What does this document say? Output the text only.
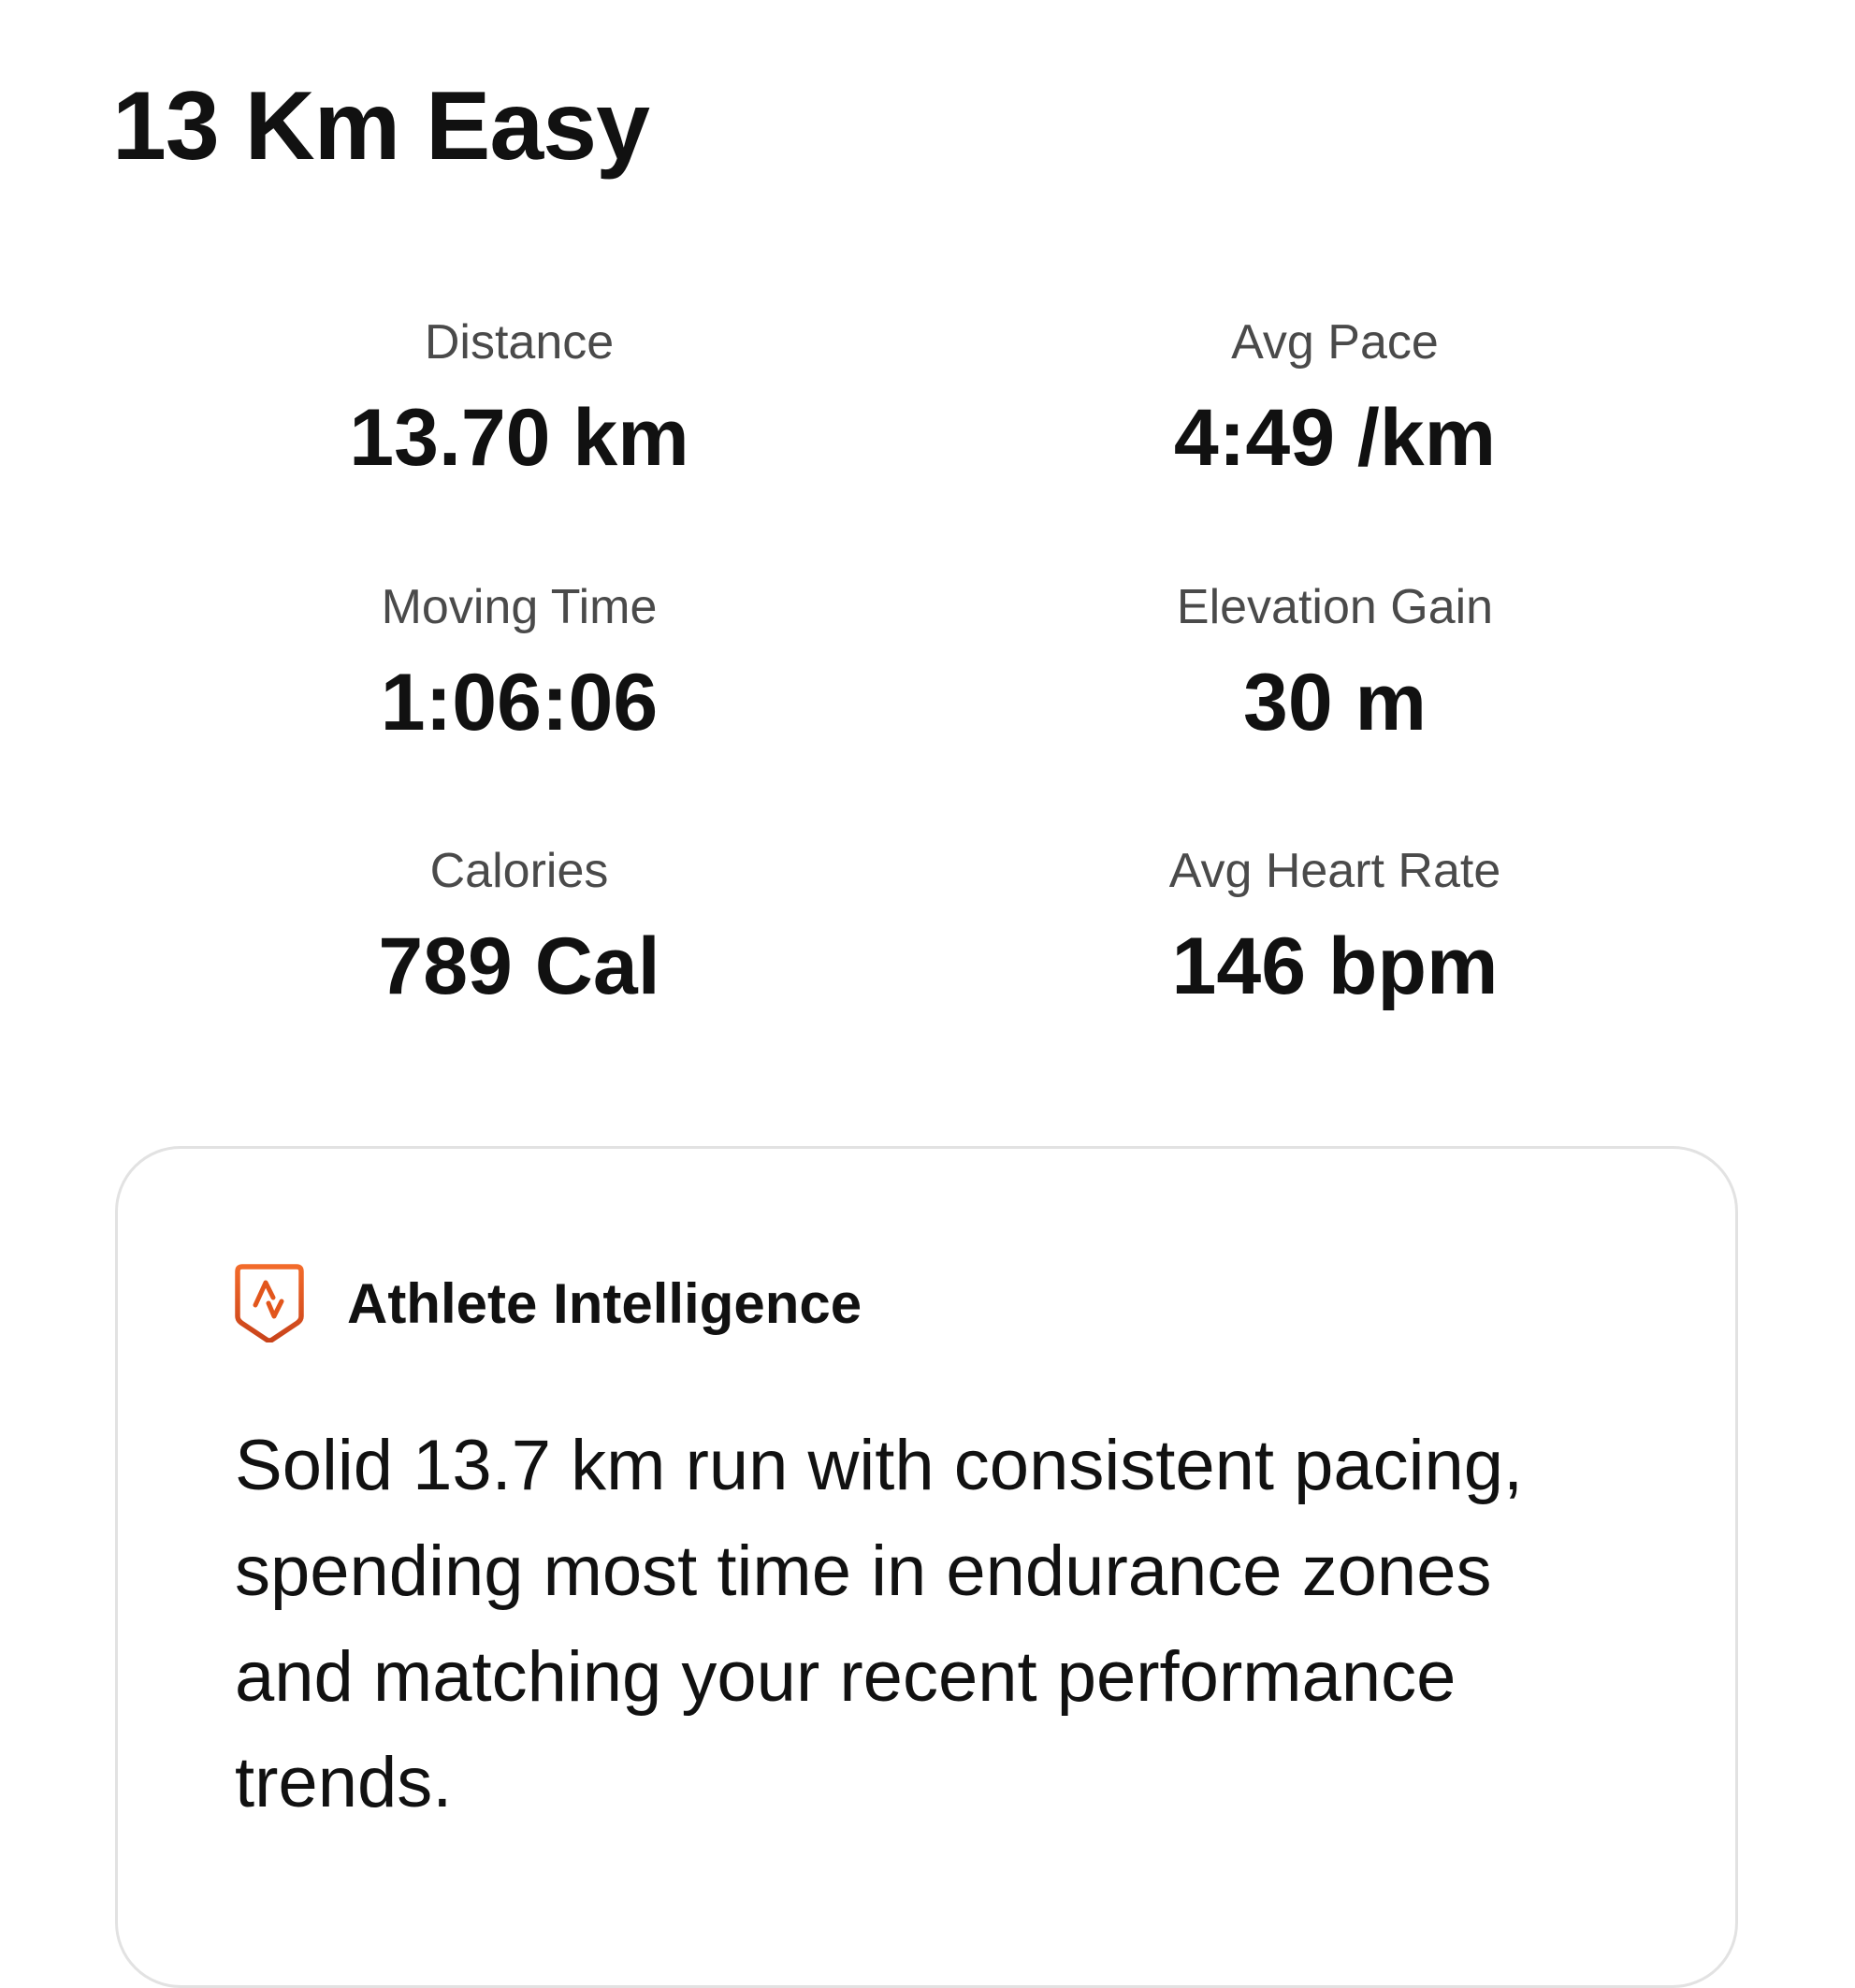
13 Km Easy
Distance
13.70 km
Avg Pace
4:49 /km
Moving Time
1:06:06
Elevation Gain
30 m
Calories
789 Cal
Avg Heart Rate
146 bpm
Athlete Intelligence

Solid 13.7 km run with consistent pacing, spending most time in endurance zones and matching your recent performance trends.
